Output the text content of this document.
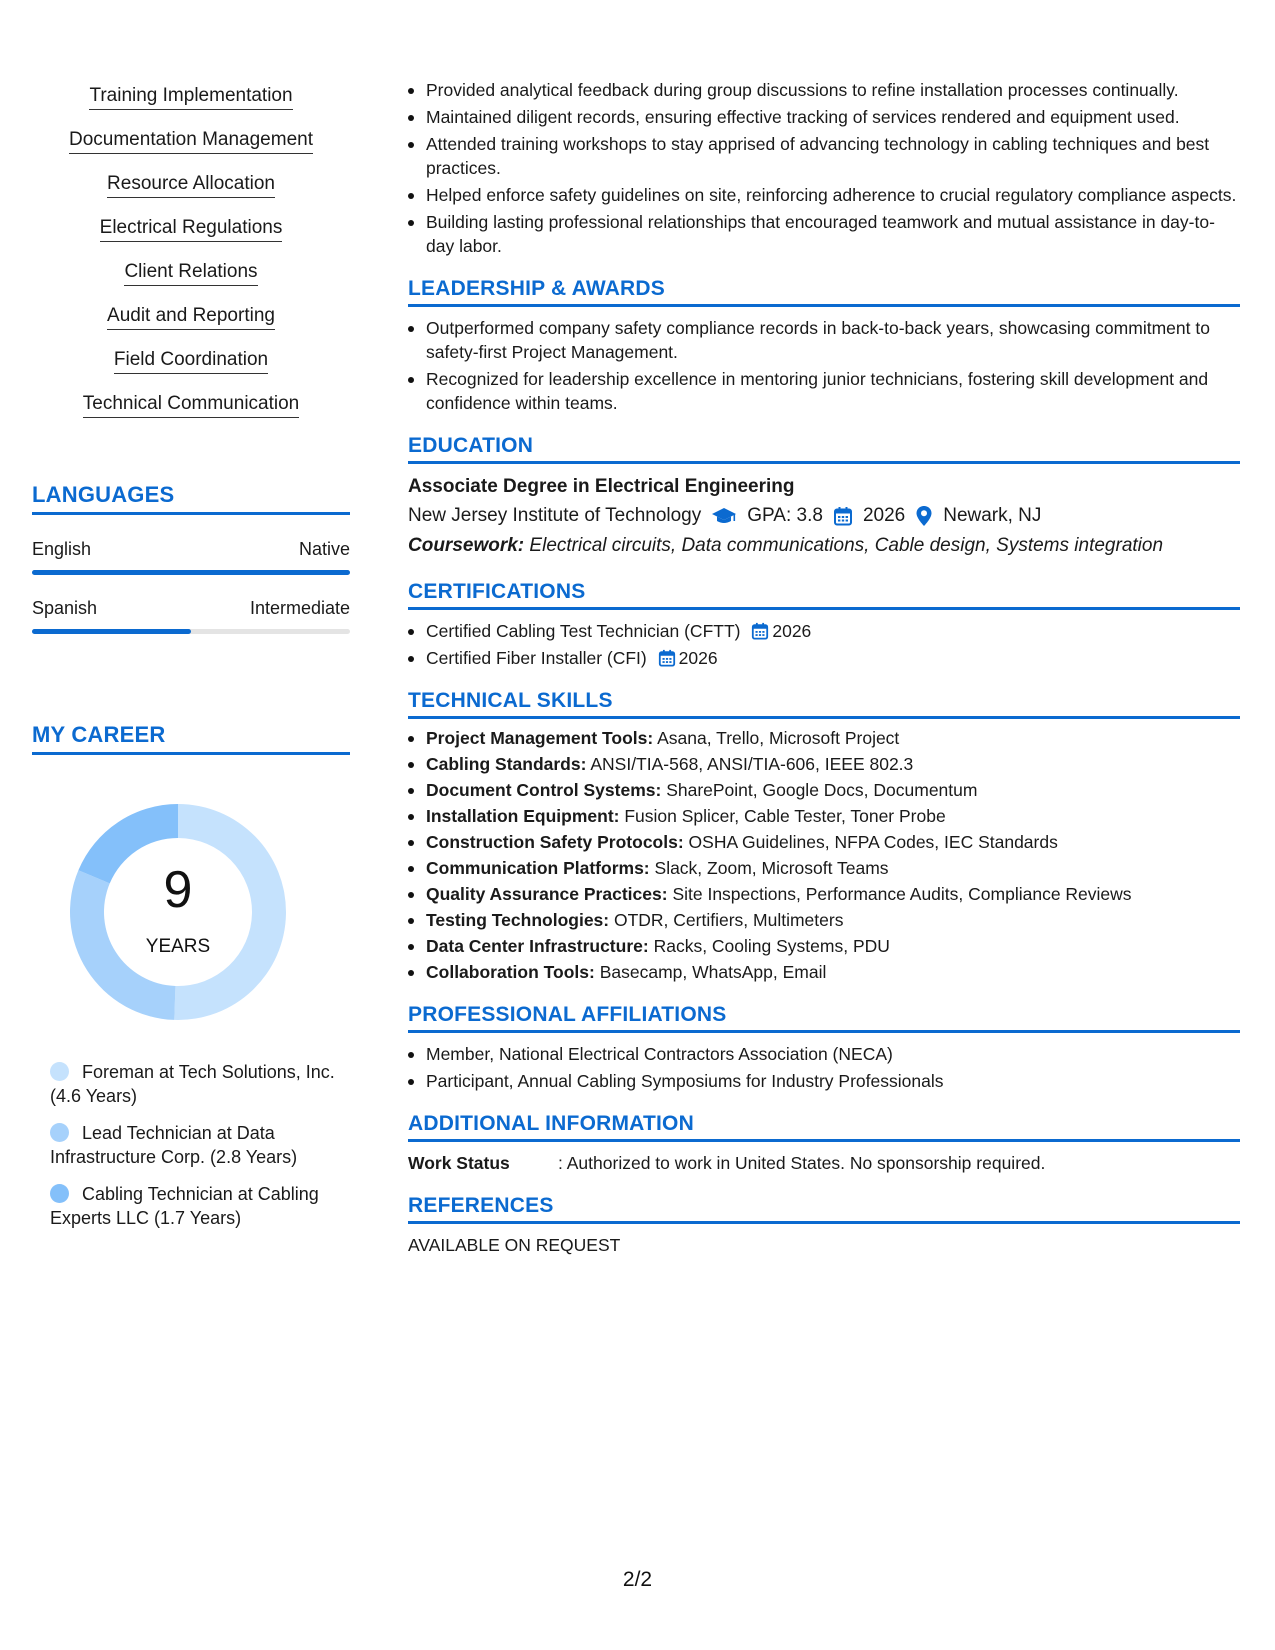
Training Implementation
Documentation Management
Resource Allocation
Electrical Regulations
Client Relations
Audit and Reporting
Field Coordination
Technical Communication
LANGUAGES
English	Native
Spanish	Intermediate
MY CAREER
9
YEARS
Foreman at Tech Solutions, Inc. (4.6 Years)
Lead Technician at Data Infrastructure Corp. (2.8 Years)
Cabling Technician at Cabling Experts LLC (1.7 Years)
Provided analytical feedback during group discussions to refine installation processes continually.
Maintained diligent records, ensuring effective tracking of services rendered and equipment used.
Attended training workshops to stay apprised of advancing technology in cabling techniques and best practices.
Helped enforce safety guidelines on site, reinforcing adherence to crucial regulatory compliance aspects.
Building lasting professional relationships that encouraged teamwork and mutual assistance in day-to-day labor.
LEADERSHIP & AWARDS
Outperformed company safety compliance records in back-to-back years, showcasing commitment to safety-first Project Management.
Recognized for leadership excellence in mentoring junior technicians, fostering skill development and confidence within teams.
EDUCATION
Associate Degree in Electrical Engineering
New Jersey Institute of Technology GPA: 3.8 2026 Newark, NJ
Coursework: Electrical circuits, Data communications, Cable design, Systems integration
CERTIFICATIONS
Certified Cabling Test Technician (CFTT) 2026
Certified Fiber Installer (CFI) 2026
TECHNICAL SKILLS
Project Management Tools: Asana, Trello, Microsoft Project
Cabling Standards: ANSI/TIA-568, ANSI/TIA-606, IEEE 802.3
Document Control Systems: SharePoint, Google Docs, Documentum
Installation Equipment: Fusion Splicer, Cable Tester, Toner Probe
Construction Safety Protocols: OSHA Guidelines, NFPA Codes, IEC Standards
Communication Platforms: Slack, Zoom, Microsoft Teams
Quality Assurance Practices: Site Inspections, Performance Audits, Compliance Reviews
Testing Technologies: OTDR, Certifiers, Multimeters
Data Center Infrastructure: Racks, Cooling Systems, PDU
Collaboration Tools: Basecamp, WhatsApp, Email
PROFESSIONAL AFFILIATIONS
Member, National Electrical Contractors Association (NECA)
Participant, Annual Cabling Symposiums for Industry Professionals
ADDITIONAL INFORMATION
Work Status	: Authorized to work in United States. No sponsorship required.
REFERENCES
AVAILABLE ON REQUEST
2/2
